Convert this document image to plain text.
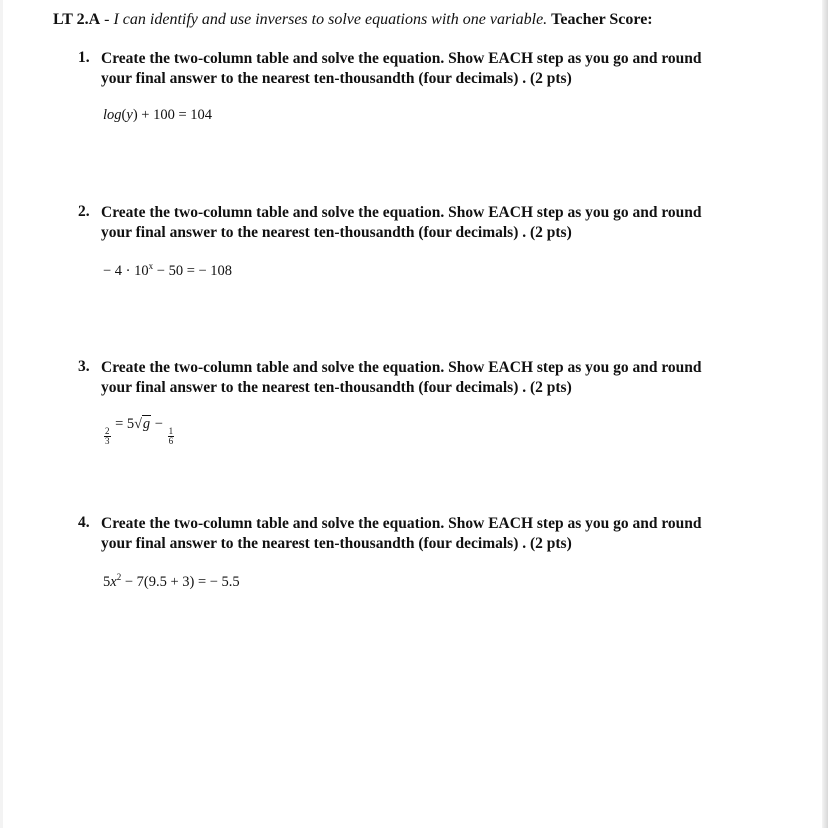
LT 2.A - I can identify and use inverses to solve equations with one variable. Teacher Score:
1. Create the two-column table and solve the equation. Show EACH step as you go and round
your final answer to the nearest ten-thousandth (four decimals) . (2 pts)
log(y) + 100 = 104
2. Create the two-column table and solve the equation. Show EACH step as you go and round
your final answer to the nearest ten-thousandth (four decimals) . (2 pts)
− $4 \cdot 10^x - 50$ = − 108
3. Create the two-column table and solve the equation. Show EACH step as you go and round
your final answer to the nearest ten-thousandth (four decimals) . (2 pts)
$\frac{2}{3}$
= 5√g −
$\frac{1}{6}$
4. Create the two-column table and solve the equation. Show EACH step as you go and round
your final answer to the nearest ten-thousandth (four decimals) . (2 pts)
$5x^2 - 7(9.5 + 3)$ = − 5.5
